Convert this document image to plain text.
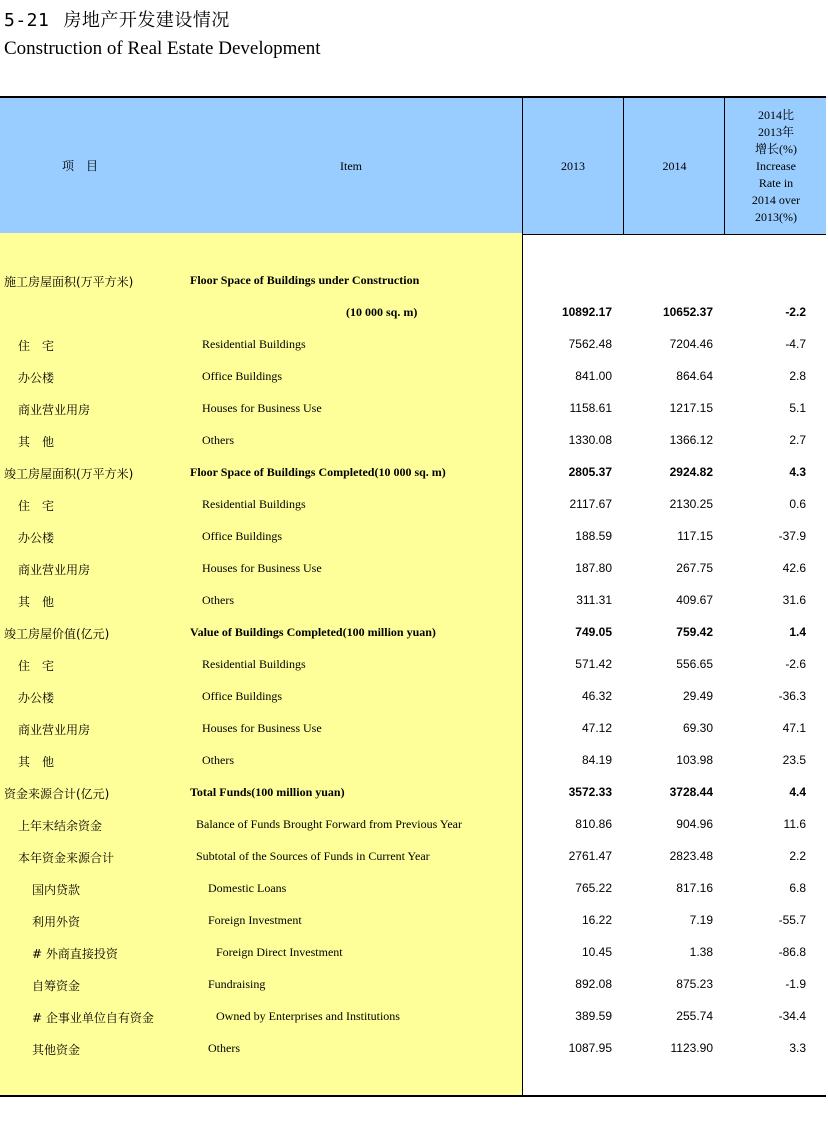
5-21 房地产开发建设情况
Construction of Real Estate Development
项　目	Item	2013	2014
2014比
2013年
增长(%)
Increase
Rate in
2014 over
2013(%)
施工房屋面积(万平方米)	Floor Space of Buildings under Construction
(10 000 sq. m)	10892.17	10652.37	-2.2
住　宅	Residential Buildings	7562.48	7204.46	-4.7
办公楼	Office Buildings	841.00	864.64	2.8
商业营业用房	Houses for Business Use	1158.61	1217.15	5.1
其　他	Others	1330.08	1366.12	2.7
竣工房屋面积(万平方米)	Floor Space of Buildings Completed(10 000 sq. m)	2805.37	2924.82	4.3
住　宅	Residential Buildings	2117.67	2130.25	0.6
办公楼	Office Buildings	188.59	117.15	-37.9
商业营业用房	Houses for Business Use	187.80	267.75	42.6
其　他	Others	311.31	409.67	31.6
竣工房屋价值(亿元)	Value of Buildings Completed(100 million yuan)	749.05	759.42	1.4
住　宅	Residential Buildings	571.42	556.65	-2.6
办公楼	Office Buildings	46.32	29.49	-36.3
商业营业用房	Houses for Business Use	47.12	69.30	47.1
其　他	Others	84.19	103.98	23.5
资金来源合计(亿元)	Total Funds(100 million yuan)	3572.33	3728.44	4.4
上年末结余资金	Balance of Funds Brought Forward from Previous Year	810.86	904.96	11.6
本年资金来源合计	Subtotal of the Sources of Funds in Current Year	2761.47	2823.48	2.2
国内贷款	Domestic Loans	765.22	817.16	6.8
利用外资	Foreign Investment	16.22	7.19	-55.7
# 外商直接投资	Foreign Direct Investment	10.45	1.38	-86.8
自筹资金	Fundraising	892.08	875.23	-1.9
# 企事业单位自有资金	Owned by Enterprises and Institutions	389.59	255.74	-34.4
其他资金	Others	1087.95	1123.90	3.3
